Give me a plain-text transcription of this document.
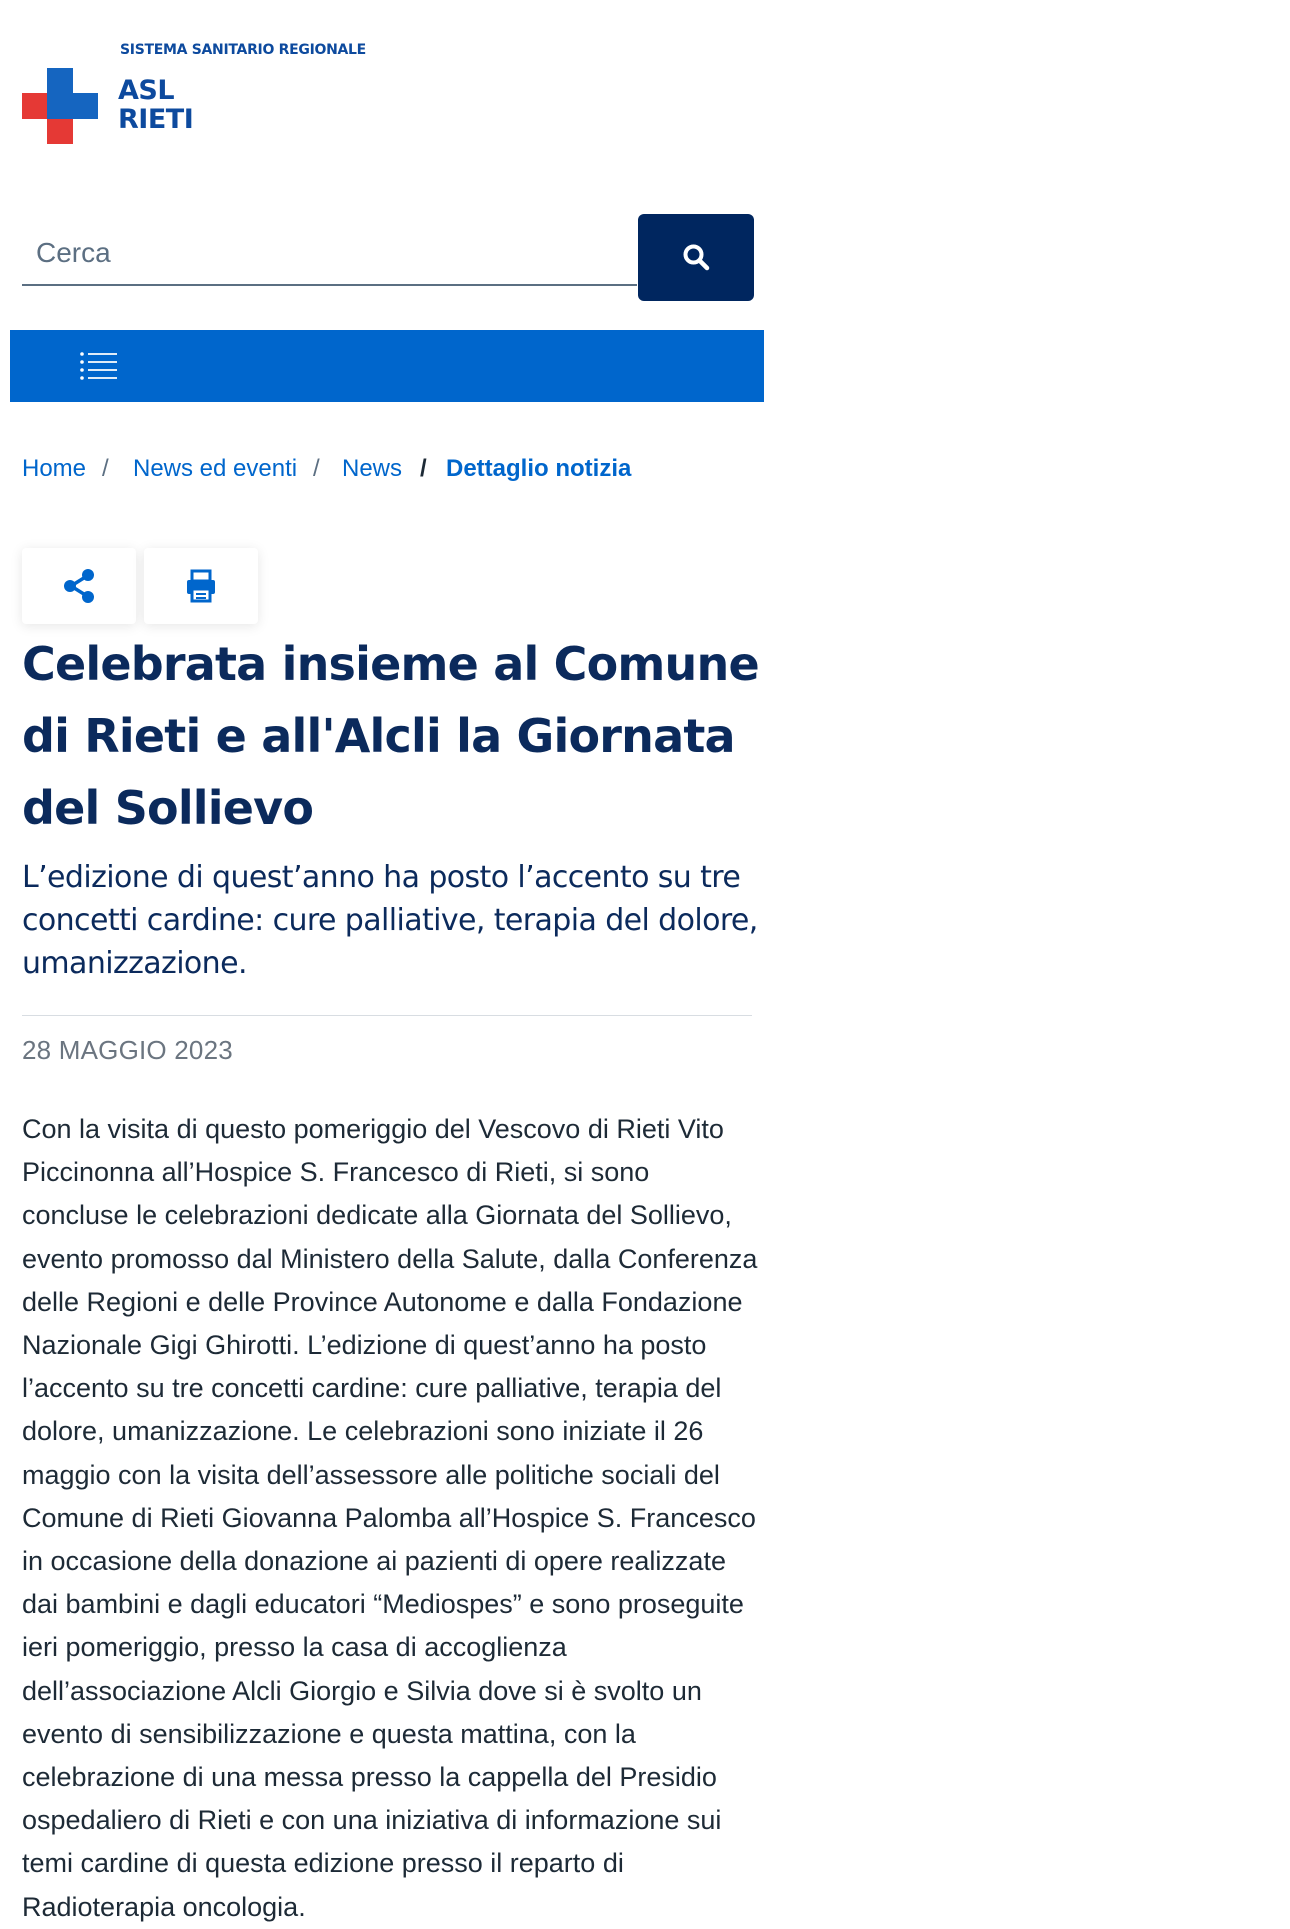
SISTEMA SANITARIO REGIONALE
ASL RIETI
Cerca
Home / News ed eventi / News / Dettaglio notizia
Celebrata insieme al Comune di Rieti e all'Alcli la Giornata del Sollievo

L’edizione di quest’anno ha posto l’accento su tre concetti cardine: cure palliative, terapia del dolore, umanizzazione.

28 MAGGIO 2023

Con la visita di questo pomeriggio del Vescovo di Rieti Vito Piccinonna all’Hospice S. Francesco di Rieti, si sono concluse le celebrazioni dedicate alla Giornata del Sollievo, evento promosso dal Ministero della Salute, dalla Conferenza delle Regioni e delle Province Autonome e dalla Fondazione Nazionale Gigi Ghirotti. L’edizione di quest’anno ha posto l’accento su tre concetti cardine: cure palliative, terapia del dolore, umanizzazione. Le celebrazioni sono iniziate il 26 maggio con la visita dell’assessore alle politiche sociali del Comune di Rieti Giovanna Palomba all’Hospice S. Francesco in occasione della donazione ai pazienti di opere realizzate dai bambini e dagli educatori “Mediospes” e sono proseguite ieri pomeriggio, presso la casa di accoglienza dell’associazione Alcli Giorgio e Silvia dove si è svolto un evento di sensibilizzazione e questa mattina, con la celebrazione di una messa presso la cappella del Presidio ospedaliero di Rieti e con una iniziativa di informazione sui temi cardine di questa edizione presso il reparto di Radioterapia oncologia.
